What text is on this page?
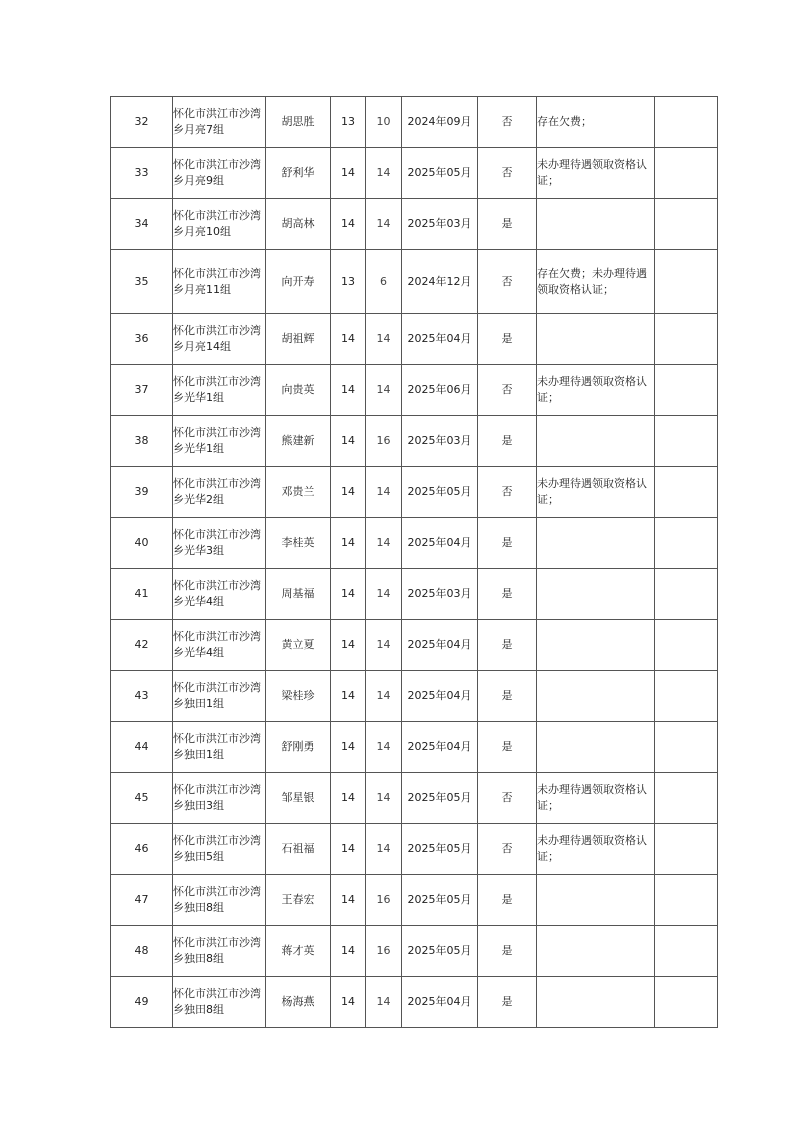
32	怀化市洪江市沙湾乡月亮7组	胡思胜	13	10	2024年09月	否	存在欠费；	
33	怀化市洪江市沙湾乡月亮9组	舒利华	14	14	2025年05月	否	未办理待遇领取资格认证；	
34	怀化市洪江市沙湾乡月亮10组	胡高林	14	14	2025年03月	是		
35	怀化市洪江市沙湾乡月亮11组	向开寿	13	6	2024年12月	否	存在欠费；未办理待遇领取资格认证；	
36	怀化市洪江市沙湾乡月亮14组	胡祖辉	14	14	2025年04月	是		
37	怀化市洪江市沙湾乡光华1组	向贵英	14	14	2025年06月	否	未办理待遇领取资格认证；	
38	怀化市洪江市沙湾乡光华1组	熊建新	14	16	2025年03月	是		
39	怀化市洪江市沙湾乡光华2组	邓贵兰	14	14	2025年05月	否	未办理待遇领取资格认证；	
40	怀化市洪江市沙湾乡光华3组	李桂英	14	14	2025年04月	是		
41	怀化市洪江市沙湾乡光华4组	周基福	14	14	2025年03月	是		
42	怀化市洪江市沙湾乡光华4组	黄立夏	14	14	2025年04月	是		
43	怀化市洪江市沙湾乡独田1组	梁桂珍	14	14	2025年04月	是		
44	怀化市洪江市沙湾乡独田1组	舒刚勇	14	14	2025年04月	是		
45	怀化市洪江市沙湾乡独田3组	邹星银	14	14	2025年05月	否	未办理待遇领取资格认证；	
46	怀化市洪江市沙湾乡独田5组	石祖福	14	14	2025年05月	否	未办理待遇领取资格认证；	
47	怀化市洪江市沙湾乡独田8组	王春宏	14	16	2025年05月	是		
48	怀化市洪江市沙湾乡独田8组	蒋才英	14	16	2025年05月	是		
49	怀化市洪江市沙湾乡独田8组	杨海燕	14	14	2025年04月	是		
